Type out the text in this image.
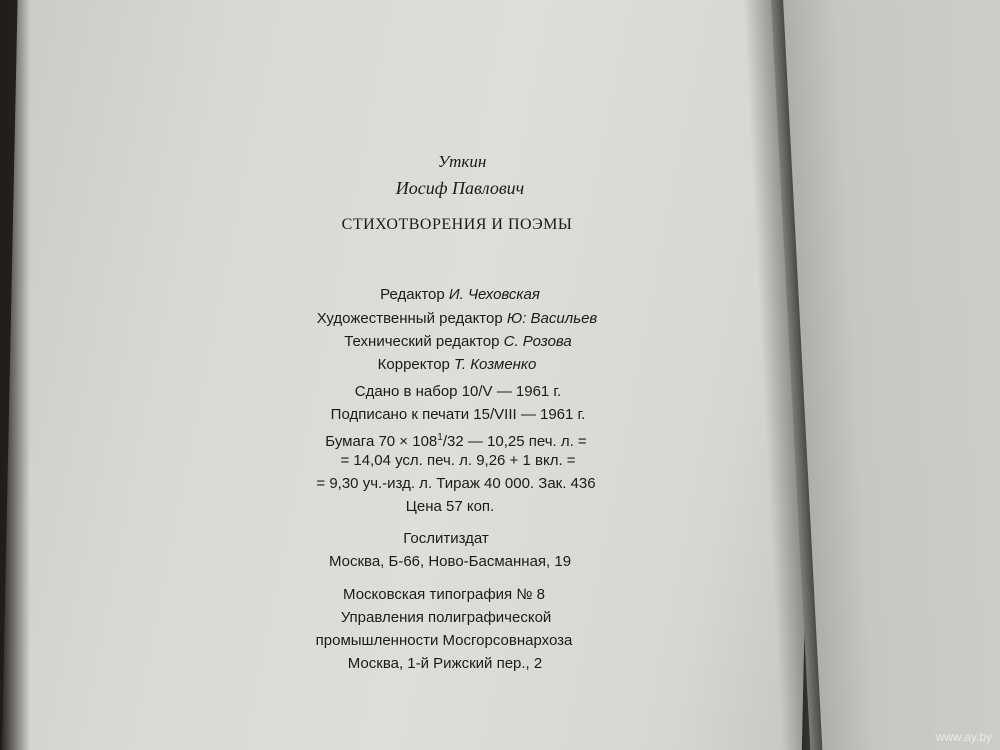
Уткин
Иосиф Павлович
СТИХОТВОРЕНИЯ И ПОЭМЫ
Редактор И. Чеховская
Художественный редактор Ю: Васильев
Технический редактор С. Розова
Корректор Т. Козменко
Сдано в набор 10/V — 1961 г.
Подписано к печати 15/VIII — 1961 г.
Бумага $70 \times 108^1/32$ — 10,25 печ. л. =
= 14,04 усл. печ. л. 9,26 + 1 вкл. =
= 9,30 уч.-изд. л. Тираж 40 000. Зак. 436
Цена 57 коп.
Гослитиздат
Москва, Б-66, Ново-Басманная, 19
Московская типография № 8
Управления полиграфической
промышленности Мосгорсовнархоза
Москва, 1-й Рижский пер., 2
www.ay.by
